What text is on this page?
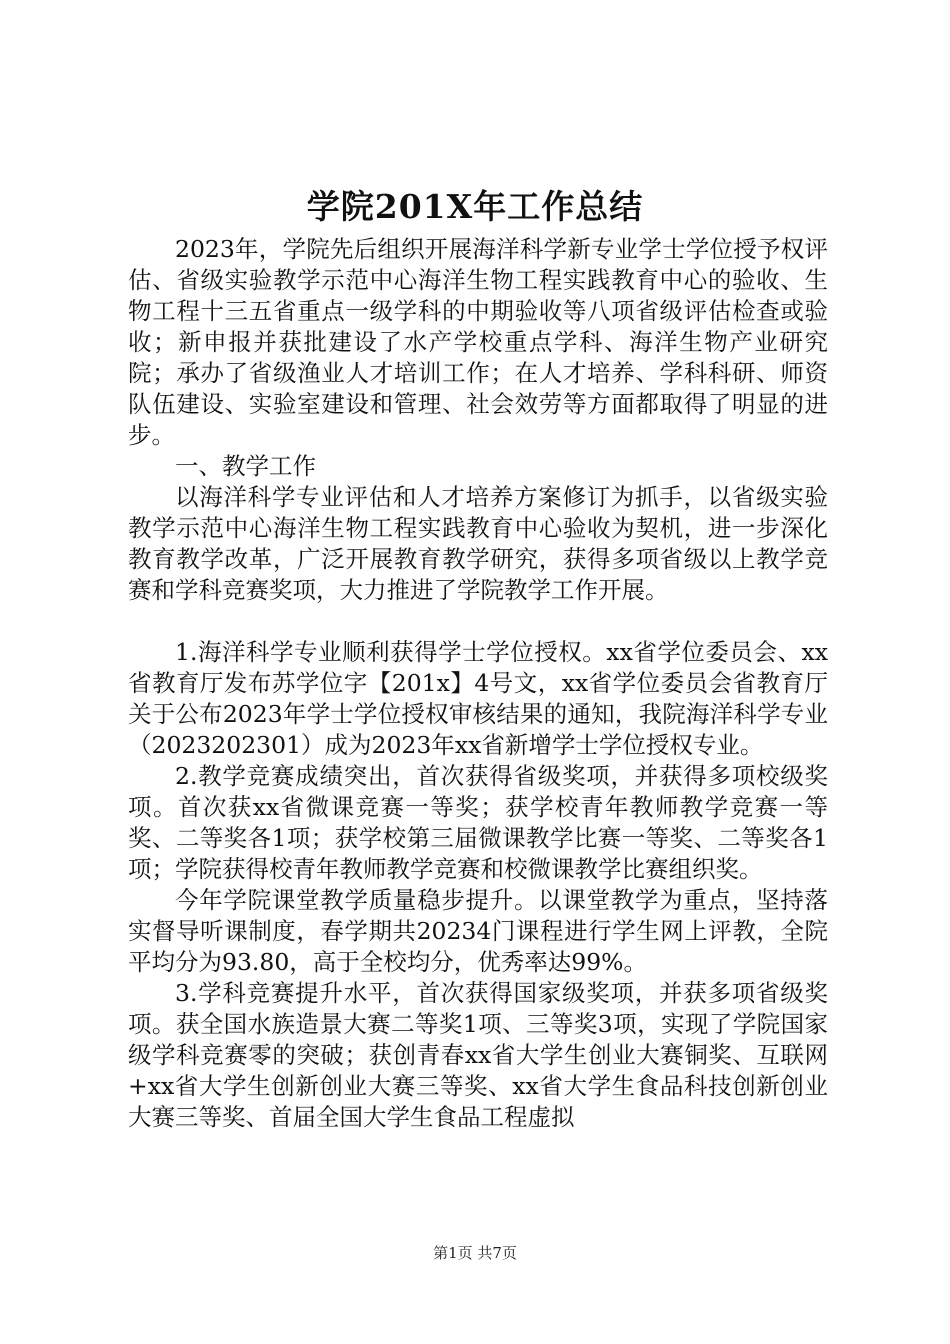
学院201X年工作总结

2023年，学院先后组织开展海洋科学新专业学士学位授予权评估、省级实验教学示范中心海洋生物工程实践教育中心的验收、生物工程十三五省重点一级学科的中期验收等八项省级评估检查或验收；新申报并获批建设了水产学校重点学科、海洋生物产业研究院；承办了省级渔业人才培训工作；在人才培养、学科科研、师资队伍建设、实验室建设和管理、社会效劳等方面都取得了明显的进步。

一、教学工作

以海洋科学专业评估和人才培养方案修订为抓手，以省级实验教学示范中心海洋生物工程实践教育中心验收为契机，进一步深化教育教学改革，广泛开展教育教学研究，获得多项省级以上教学竞赛和学科竞赛奖项，大力推进了学院教学工作开展。

1.海洋科学专业顺利获得学士学位授权。xx省学位委员会、xx省教育厅发布苏学位字【201x】4号文，xx省学位委员会省教育厅关于公布2023年学士学位授权审核结果的通知，我院海洋科学专业（2023202301）成为2023年xx省新增学士学位授权专业。

2.教学竞赛成绩突出，首次获得省级奖项，并获得多项校级奖项。首次获xx省微课竞赛一等奖；获学校青年教师教学竞赛一等奖、二等奖各1项；获学校第三届微课教学比赛一等奖、二等奖各1项；学院获得校青年教师教学竞赛和校微课教学比赛组织奖。

今年学院课堂教学质量稳步提升。以课堂教学为重点，坚持落实督导听课制度，春学期共20234门课程进行学生网上评教，全院平均分为93.80，高于全校均分，优秀率达99%。

3.学科竞赛提升水平，首次获得国家级奖项，并获多项省级奖项。获全国水族造景大赛二等奖1项、三等奖3项，实现了学院国家级学科竞赛零的突破；获创青春xx省大学生创业大赛铜奖、互联网+xx省大学生创新创业大赛三等奖、xx省大学生食品科技创新创业大赛三等奖、首届全国大学生食品工程虚拟

第1页 共7页
